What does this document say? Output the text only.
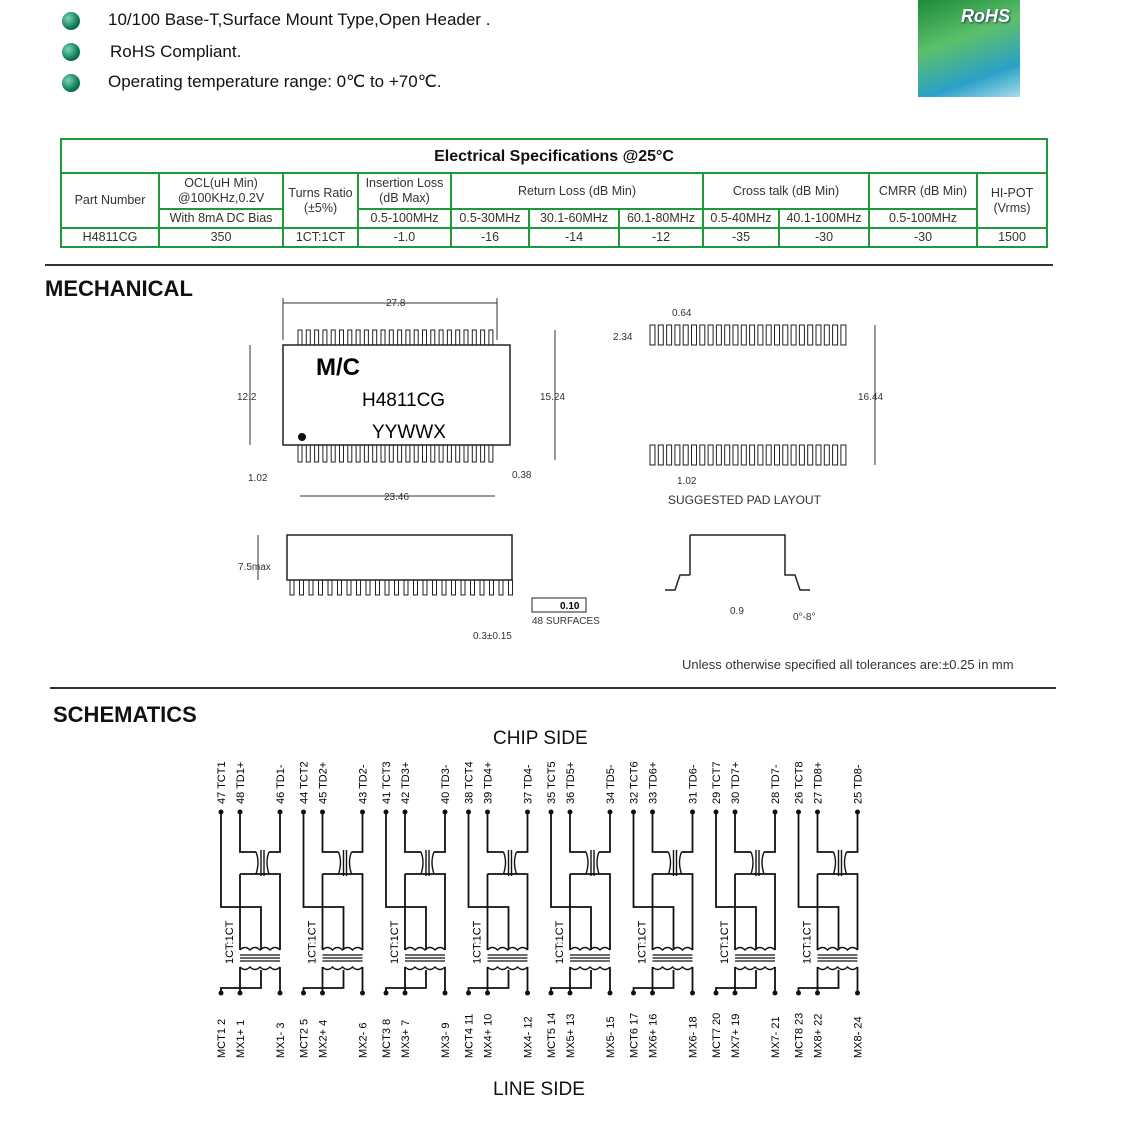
10/100 Base-T,Surface Mount Type,Open Header .
RoHS Compliant.
Operating temperature range: 0℃ to +70℃.
RoHS
Electrical Specifications @25°C										
Part Number	OCL(uH Min) @100KHz,0.2V	Turns Ratio (±5%)	Insertion Loss (dB Max)	Return Loss (dB Min)			Cross talk (dB Min)		CMRR (dB Min)	HI-POT (Vrms)
	With 8mA DC Bias		0.5-100MHz	0.5-30MHz	30.1-60MHz	60.1-80MHz	0.5-40MHz	40.1-100MHz	0.5-100MHz	
H4811CG	350	1CT:1CT	-1.0	-16	-14	-12	-35	-30	-30	1500
MECHANICAL
M/C
H4811CG
YYWWX
27.8
12.2	15.24
1.02	0.38
23.46
0.64
2.34
16.44
1.02
SUGGESTED PAD LAYOUT
7.5max
0.10
48 SURFACES
0.3±0.15
0.9
0°-8°
Unless otherwise specified all tolerances are:±0.25 in mm
SCHEMATICS
CHIP SIDE
LINE SIDE
47 TCT1
MCT1 2
48 TD1+
MX1+ 1
46 TD1-
MX1- 3
1CT:1CT
44 TCT2
MCT2 5
45 TD2+
MX2+ 4
43 TD2-
MX2- 6
1CT:1CT
41 TCT3
MCT3 8
42 TD3+
MX3+ 7
40 TD3-
MX3- 9
1CT:1CT
38 TCT4
MCT4 11
39 TD4+
MX4+ 10
37 TD4-
MX4- 12
1CT:1CT
35 TCT5
MCT5 14
36 TD5+
MX5+ 13
34 TD5-
MX5- 15
1CT:1CT
32 TCT6
MCT6 17
33 TD6+
MX6+ 16
31 TD6-
MX6- 18
1CT:1CT
29 TCT7
MCT7 20
30 TD7+
MX7+ 19
28 TD7-
MX7- 21
1CT:1CT
26 TCT8
MCT8 23
27 TD8+
MX8+ 22
25 TD8-
MX8- 24
1CT:1CT
